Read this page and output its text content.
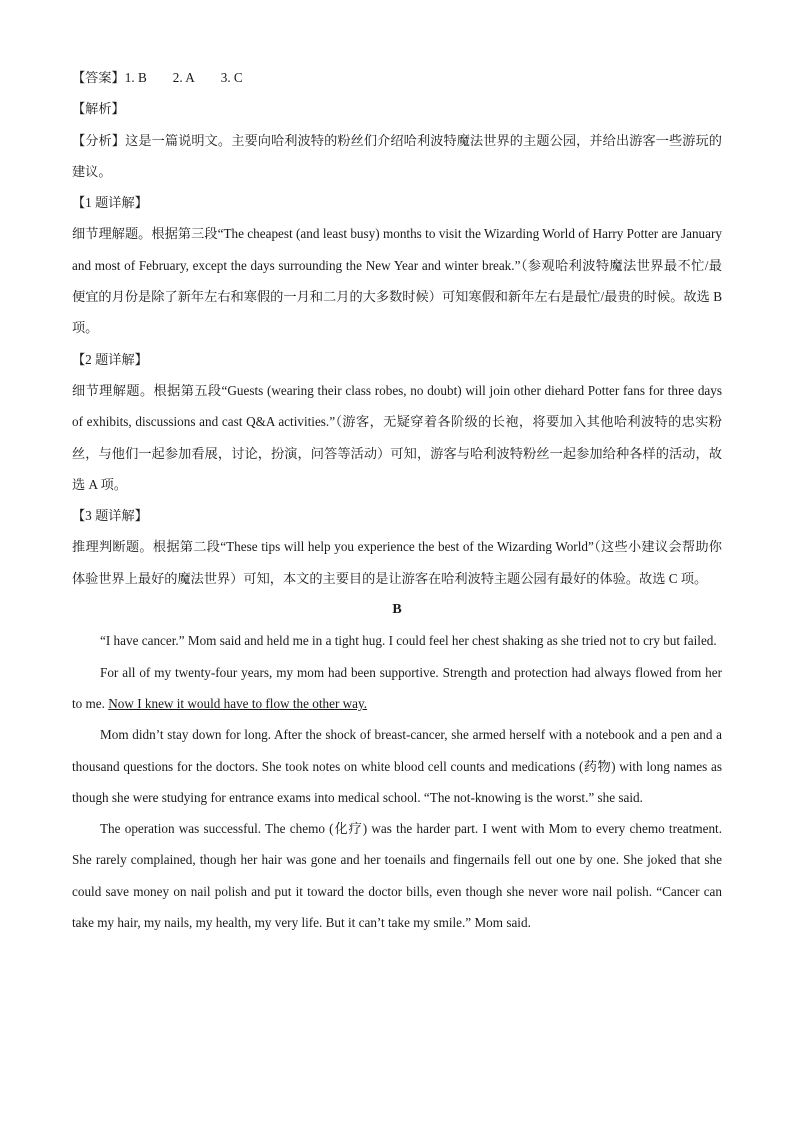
【答案】1. B 2. A 3. C

【解析】

【分析】这是一篇说明文。主要向哈利波特的粉丝们介绍哈利波特魔法世界的主题公园，并给出游客一些游玩的建议。

【1 题详解】

细节理解题。根据第三段“The cheapest (and least busy) months to visit the Wizarding World of Harry Potter are January and most of February, except the days surrounding the New Year and winter break.”（参观哈利波特魔法世界最不忙/最便宜的月份是除了新年左右和寒假的一月和二月的大多数时候）可知寒假和新年左右是最忙/最贵的时候。故选 B 项。

【2 题详解】

细节理解题。根据第五段“Guests (wearing their class robes, no doubt) will join other diehard Potter fans for three days of exhibits, discussions and cast Q&A activities.”（游客，无疑穿着各阶级的长袍，将要加入其他哈利波特的忠实粉丝，与他们一起参加看展，讨论，扮演，问答等活动）可知，游客与哈利波特粉丝一起参加给种各样的活动，故选 A 项。

【3 题详解】

推理判断题。根据第二段“These tips will help you experience the best of the Wizarding World”（这些小建议会帮助你体验世界上最好的魔法世界）可知，本文的主要目的是让游客在哈利波特主题公园有最好的体验。故选 C 项。

B

“I have cancer.” Mom said and held me in a tight hug. I could feel her chest shaking as she tried not to cry but failed.

For all of my twenty-four years, my mom had been supportive. Strength and protection had always flowed from her to me. Now I knew it would have to flow the other way.

Mom didn’t stay down for long. After the shock of breast-cancer, she armed herself with a notebook and a pen and a thousand questions for the doctors. She took notes on white blood cell counts and medications (药物) with long names as though she were studying for entrance exams into medical school. “The not-knowing is the worst.” she said.

The operation was successful. The chemo (化疗) was the harder part. I went with Mom to every chemo treatment. She rarely complained, though her hair was gone and her toenails and fingernails fell out one by one. She joked that she could save money on nail polish and put it toward the doctor bills, even though she never wore nail polish. “Cancer can take my hair, my nails, my health, my very life. But it can’t take my smile.” Mom said.
